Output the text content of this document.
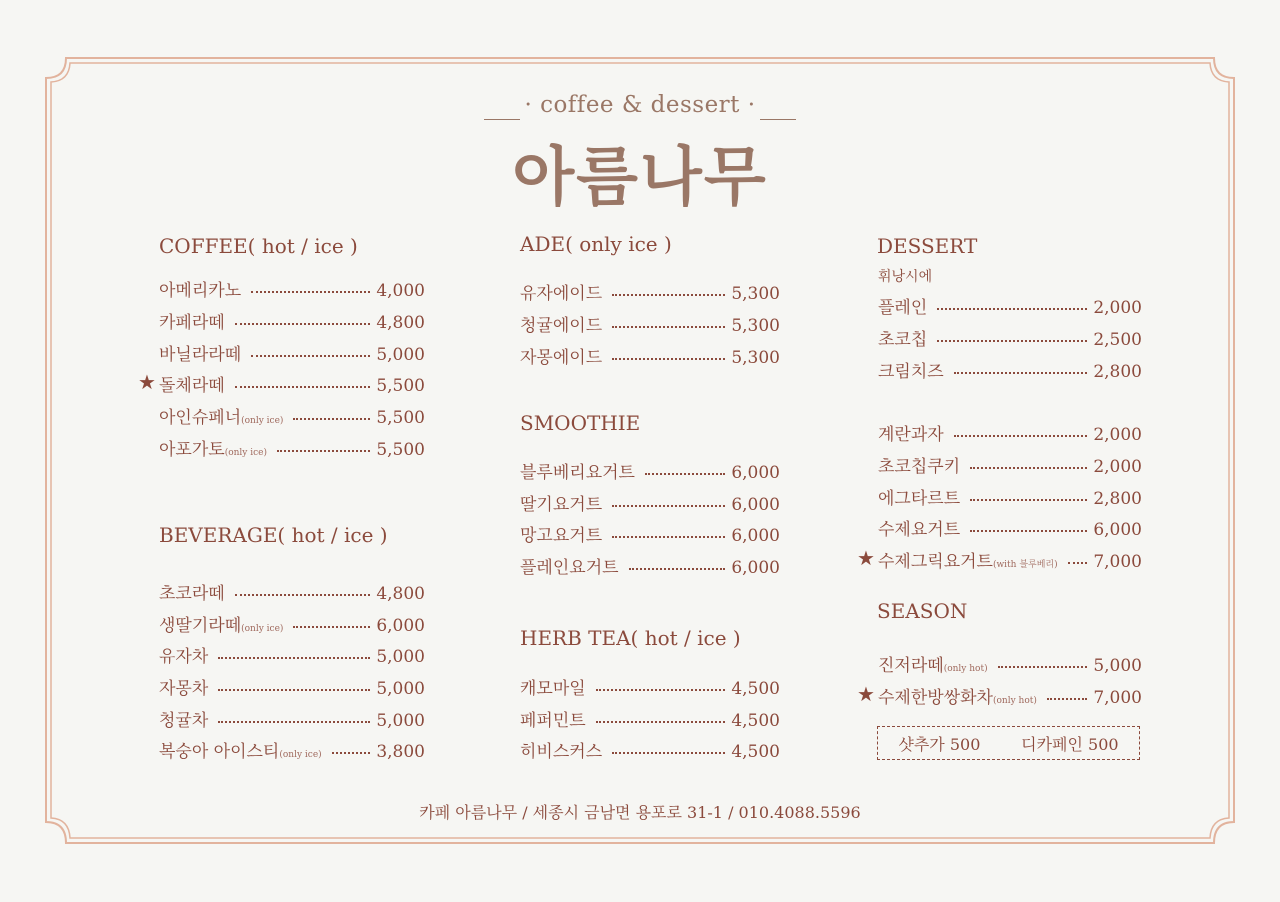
· coffee & dessert ·
아름나무
COFFEE( hot / ice )
아메리카노	4,000
카페라떼	4,800
바닐라라떼	5,000
돌체라떼	5,500
★
아인슈페너 (only ice)	5,500
아포가토 (only ice)	5,500
BEVERAGE( hot / ice )
초코라떼	4,800
생딸기라떼 (only ice)	6,000
유자차	5,000
자몽차	5,000
청귤차	5,000
복숭아 아이스티 (only ice)	3,800
ADE( only ice )
유자에이드	5,300
청귤에이드	5,300
자몽에이드	5,300
SMOOTHIE
블루베리요거트	6,000
딸기요거트	6,000
망고요거트	6,000
플레인요거트	6,000
HERB TEA( hot / ice )
캐모마일	4,500
페퍼민트	4,500
히비스커스	4,500
DESSERT
휘낭시에
플레인	2,000
초코칩	2,500
크림치즈	2,800
계란과자	2,000
초코칩쿠키	2,000
에그타르트	2,800
수제요거트	6,000
수제그릭요거트 (with 블루베리) 7,000
★
SEASON
진저라떼 (only hot)	5,000
수제한방쌍화차 (only hot)	7,000
★
샷추가 500	디카페인 500
카페 아름나무 / 세종시 금남면 용포로 31-1 / 010.4088.5596
